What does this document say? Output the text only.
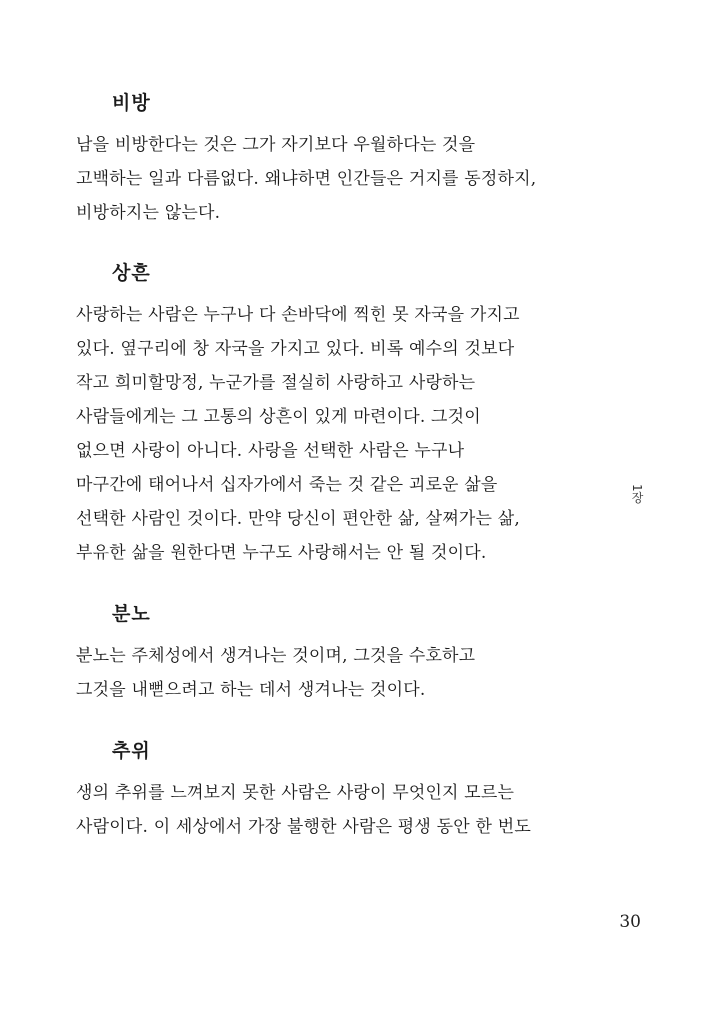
비방

남을 비방한다는 것은 그가 자기보다 우월하다는 것을
고백하는 일과 다름없다. 왜냐하면 인간들은 거지를 동정하지,
비방하지는 않는다.

상흔

사랑하는 사람은 누구나 다 손바닥에 찍힌 못 자국을 가지고
있다. 옆구리에 창 자국을 가지고 있다. 비록 예수의 것보다
작고 희미할망정, 누군가를 절실히 사랑하고 사랑하는
사람들에게는 그 고통의 상흔이 있게 마련이다. 그것이
없으면 사랑이 아니다. 사랑을 선택한 사람은 누구나
마구간에 태어나서 십자가에서 죽는 것 같은 괴로운 삶을
선택한 사람인 것이다. 만약 당신이 편안한 삶, 살쪄가는 삶,
부유한 삶을 원한다면 누구도 사랑해서는 안 될 것이다.

분노

분노는 주체성에서 생겨나는 것이며, 그것을 수호하고
그것을 내뻗으려고 하는 데서 생겨나는 것이다.

추위

생의 추위를 느껴보지 못한 사람은 사랑이 무엇인지 모르는
사람이다. 이 세상에서 가장 불행한 사람은 평생 동안 한 번도

1장
30
